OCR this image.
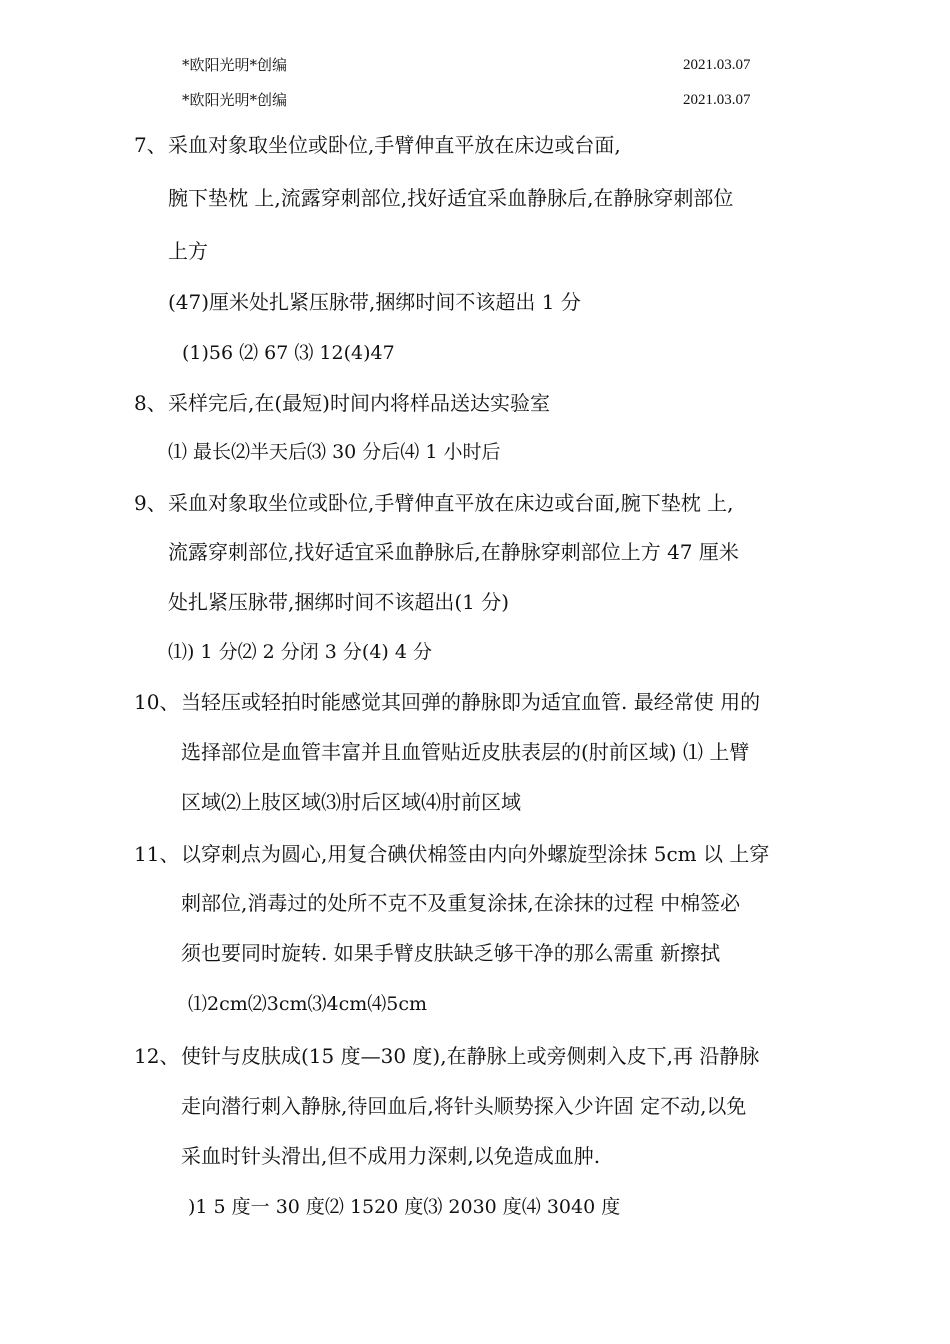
*欧阳光明*创编	2021.03.07
*欧阳光明*创编	2021.03.07
7、 采血对象取坐位或卧位,手臂伸直平放在床边或台面,
腕下垫枕 上,流露穿刺部位,找好适宜采血静脉后,在静脉穿刺部位
上方
(47)厘米处扎紧压脉带,捆绑时间不该超出 1 分
(1)56 ⑵ 67 ⑶ 12(4)47
8、 采样完后,在(最短)时间内将样品送达实验室
⑴ 最长⑵半天后⑶ 30 分后⑷ 1 小时后
9、 采血对象取坐位或卧位,手臂伸直平放在床边或台面,腕下垫枕 上,
流露穿刺部位,找好适宜采血静脉后,在静脉穿刺部位上方 47 厘米
处扎紧压脉带,捆绑时间不该超出(1 分)
⑴) 1 分⑵ 2 分闭 3 分(4) 4 分
10、 当轻压或轻拍时能感觉其回弹的静脉即为适宜血管. 最经常使 用的
选择部位是血管丰富并且血管贴近皮肤表层的(肘前区域) ⑴ 上臂
区域⑵上肢区域⑶肘后区域⑷肘前区域
11、 以穿刺点为圆心,用复合碘伏棉签由内向外螺旋型涂抹 5cm 以 上穿
刺部位,消毒过的处所不克不及重复涂抹,在涂抹的过程 中棉签必
须也要同时旋转. 如果手臂皮肤缺乏够干净的那么需重 新擦拭
⑴2cm⑵3cm⑶4cm⑷5cm
12、 使针与皮肤成(15 度—30 度),在静脉上或旁侧刺入皮下,再 沿静脉
走向潜行刺入静脉,待回血后,将针头顺势探入少许固 定不动,以免
采血时针头滑出,但不成用力深刺,以免造成血肿.
)1 5 度一 30 度⑵ 1520 度⑶ 2030 度⑷ 3040 度
